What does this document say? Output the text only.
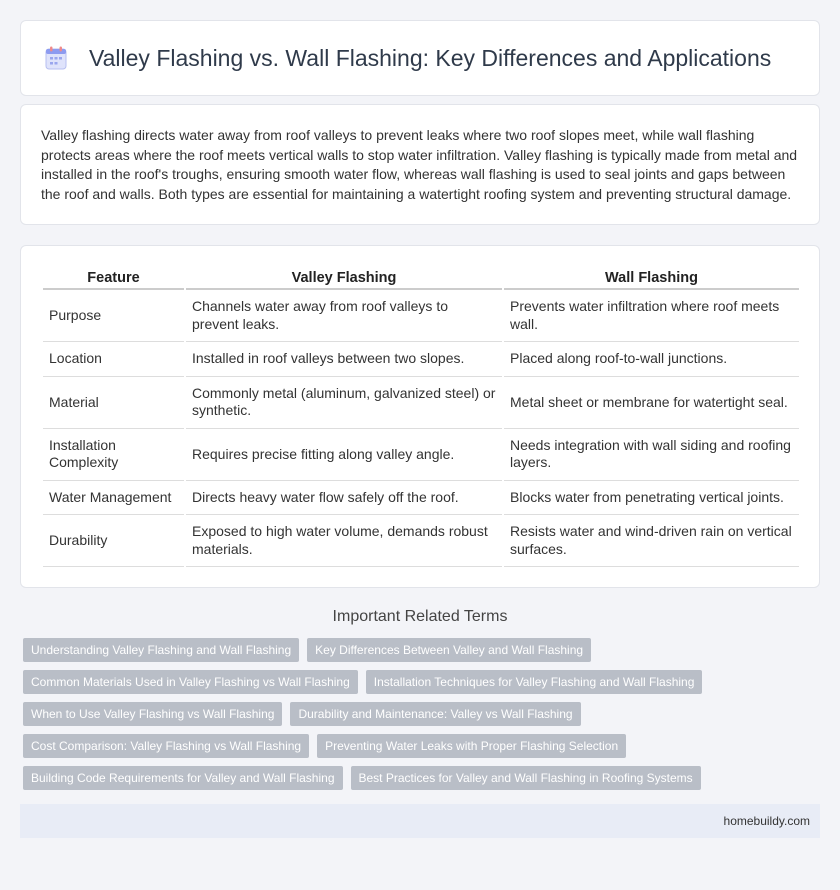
Valley Flashing vs. Wall Flashing: Key Differences and Applications

Valley flashing directs water away from roof valleys to prevent leaks where two roof slopes meet, while wall flashing protects areas where the roof meets vertical walls to stop water infiltration. Valley flashing is typically made from metal and installed in the roof's troughs, ensuring smooth water flow, whereas wall flashing is used to seal joints and gaps between the roof and walls. Both types are essential for maintaining a watertight roofing system and preventing structural damage.

Feature	Valley Flashing	Wall Flashing
Purpose	Channels water away from roof valleys to prevent leaks.	Prevents water infiltration where roof meets wall.
Location	Installed in roof valleys between two slopes.	Placed along roof-to-wall junctions.
Material	Commonly metal (aluminum, galvanized steel) or synthetic.	Metal sheet or membrane for watertight seal.
Installation Complexity	Requires precise fitting along valley angle.	Needs integration with wall siding and roofing layers.
Water Management	Directs heavy water flow safely off the roof.	Blocks water from penetrating vertical joints.
Durability	Exposed to high water volume, demands robust materials.	Resists water and wind-driven rain on vertical surfaces.
Important Related Terms
Understanding Valley Flashing and Wall Flashing	Key Differences Between Valley and Wall Flashing
Common Materials Used in Valley Flashing vs Wall Flashing	Installation Techniques for Valley Flashing and Wall Flashing
When to Use Valley Flashing vs Wall Flashing	Durability and Maintenance: Valley vs Wall Flashing
Cost Comparison: Valley Flashing vs Wall Flashing	Preventing Water Leaks with Proper Flashing Selection
Building Code Requirements for Valley and Wall Flashing	Best Practices for Valley and Wall Flashing in Roofing Systems
homebuildy.com
